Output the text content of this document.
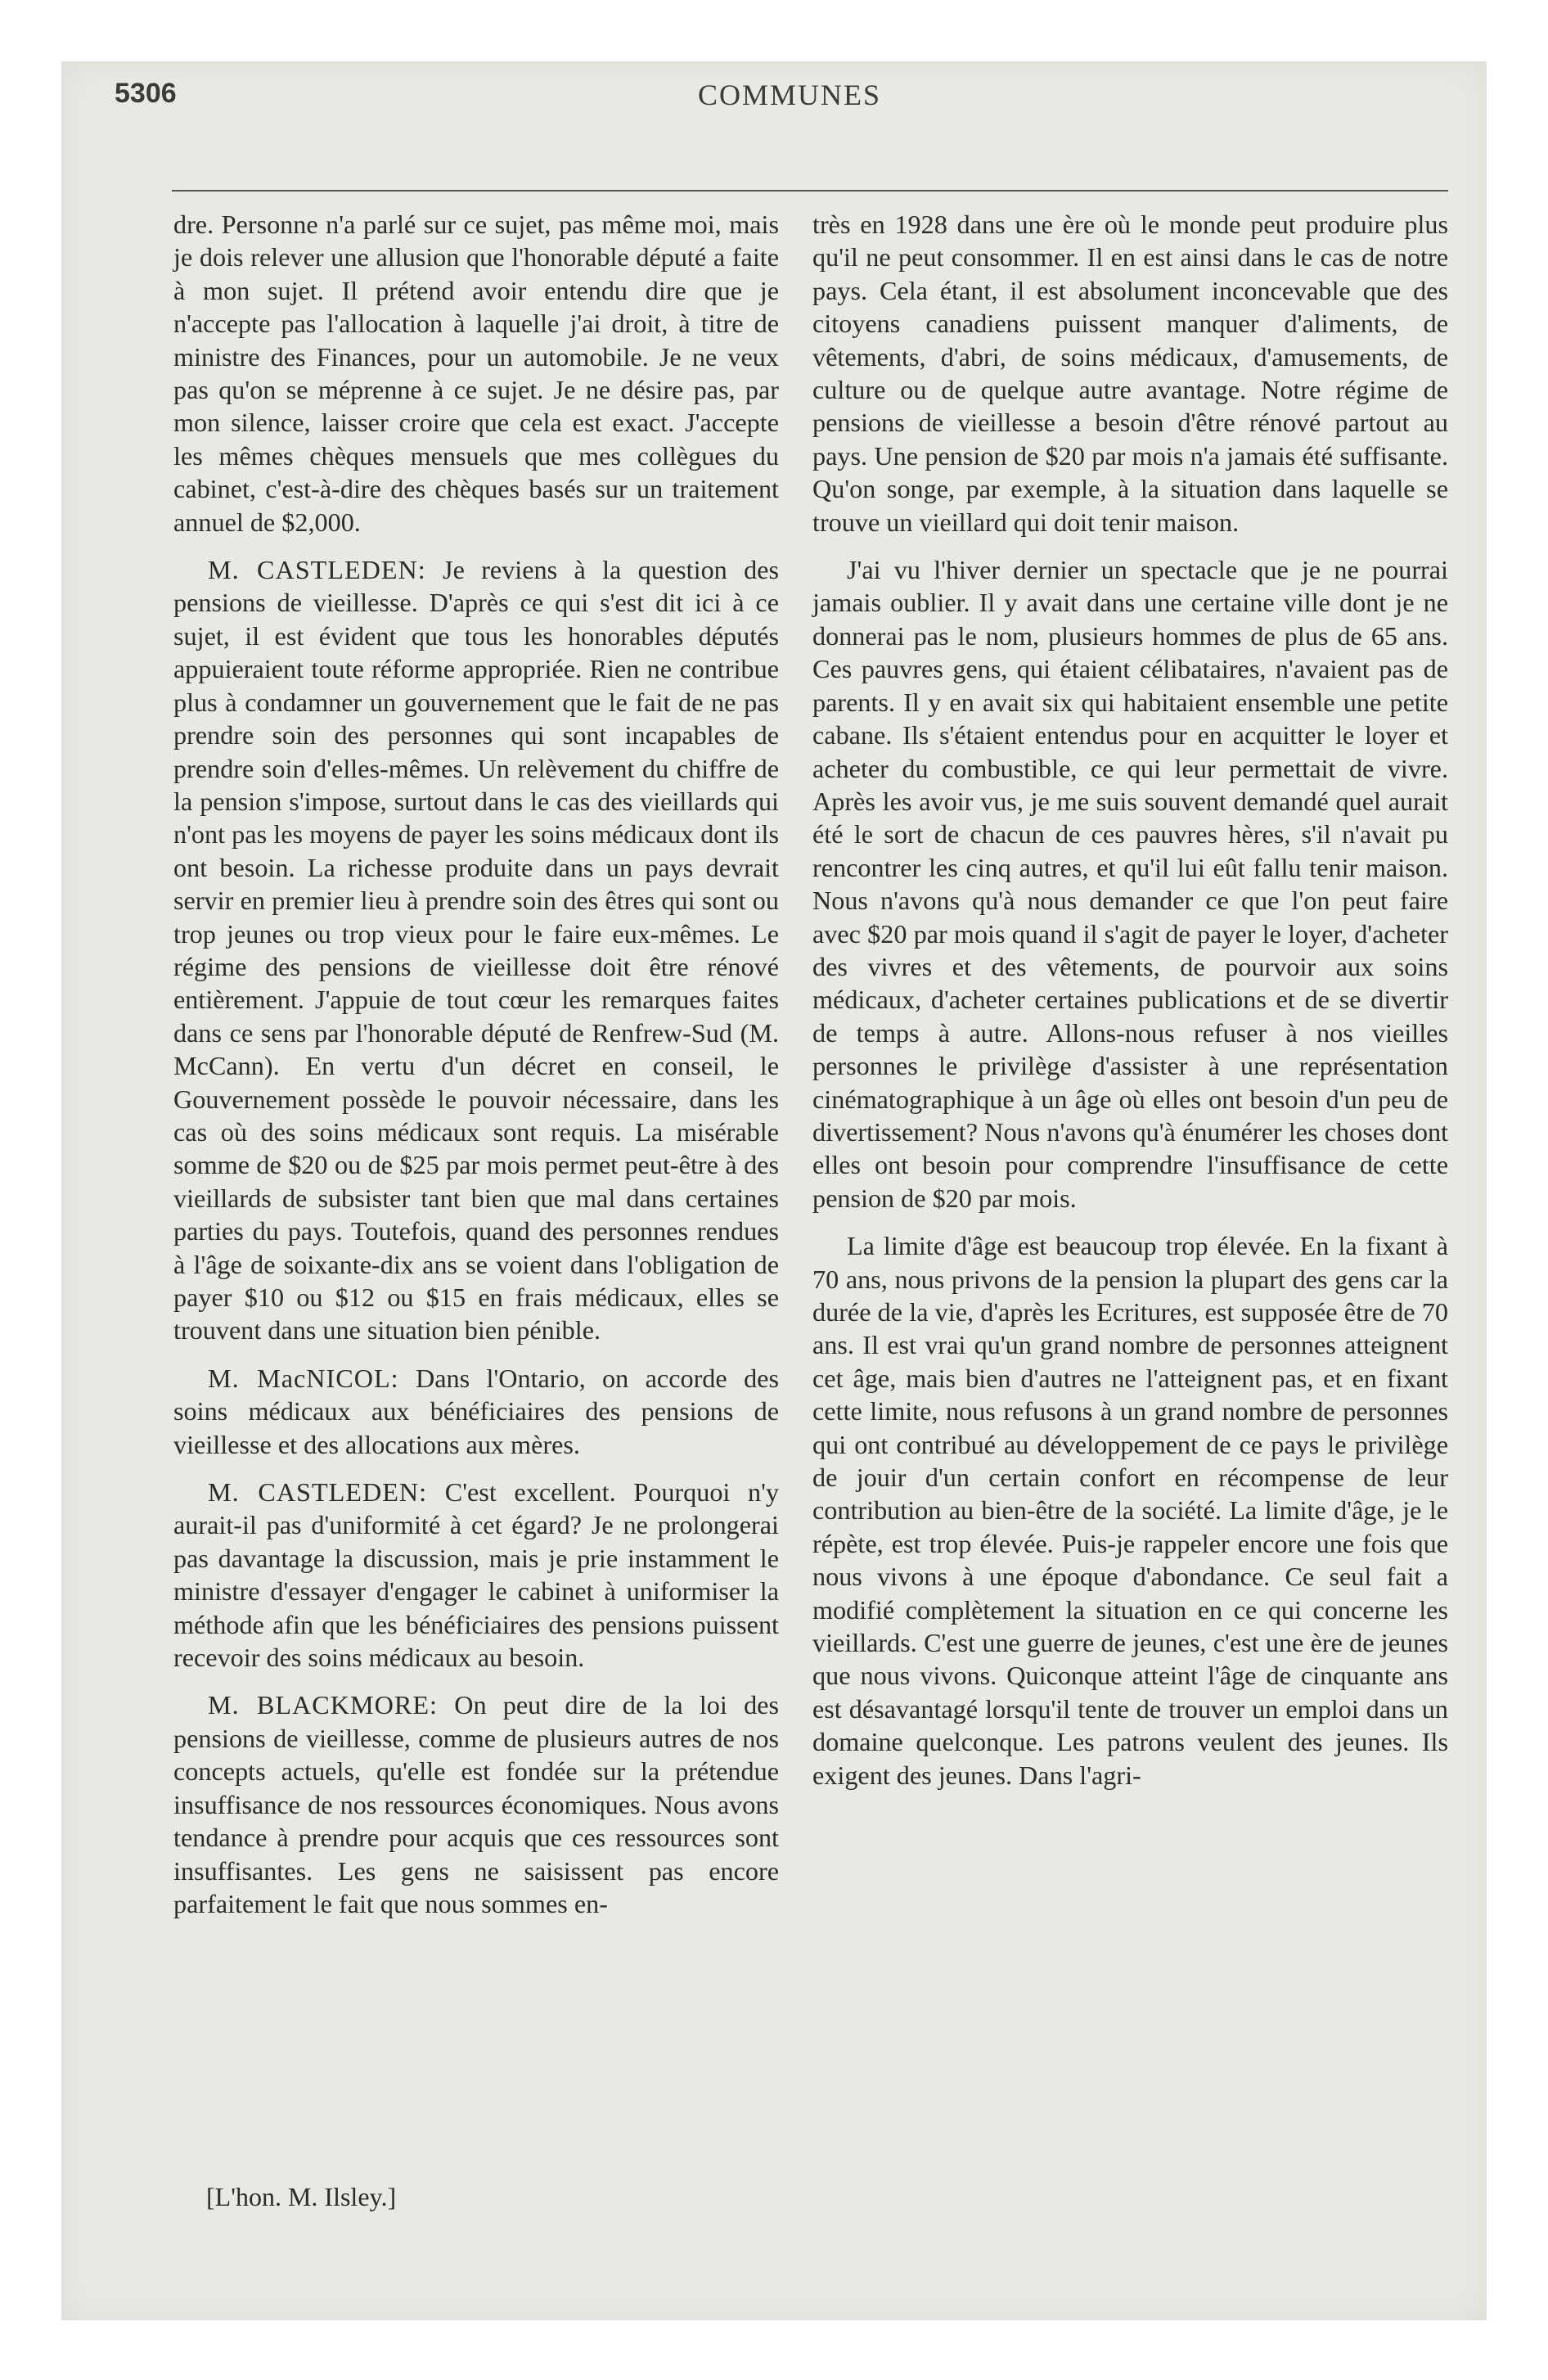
5306	COMMUNES

dre. Personne n'a parlé sur ce sujet, pas même moi, mais je dois relever une allusion que l'honorable député a faite à mon sujet. Il prétend avoir entendu dire que je n'accepte pas l'allocation à laquelle j'ai droit, à titre de ministre des Finances, pour un automobile. Je ne veux pas qu'on se méprenne à ce sujet. Je ne désire pas, par mon silence, laisser croire que cela est exact. J'accepte les mêmes chèques mensuels que mes collègues du cabinet, c'est-à-dire des chèques basés sur un traitement annuel de $2,000.

M. CASTLEDEN: Je reviens à la question des pensions de vieillesse. D'après ce qui s'est dit ici à ce sujet, il est évident que tous les honorables députés appuieraient toute réforme appropriée. Rien ne contribue plus à condamner un gouvernement que le fait de ne pas prendre soin des personnes qui sont incapables de prendre soin d'elles-mêmes. Un relèvement du chiffre de la pension s'impose, surtout dans le cas des vieillards qui n'ont pas les moyens de payer les soins médicaux dont ils ont besoin. La richesse produite dans un pays devrait servir en premier lieu à prendre soin des êtres qui sont ou trop jeunes ou trop vieux pour le faire eux-mêmes. Le régime des pensions de vieillesse doit être rénové entièrement. J'appuie de tout cœur les remarques faites dans ce sens par l'honorable député de Renfrew-Sud (M. McCann). En vertu d'un décret en conseil, le Gouvernement possède le pouvoir nécessaire, dans les cas où des soins médicaux sont requis. La misérable somme de $20 ou de $25 par mois permet peut-être à des vieillards de subsister tant bien que mal dans certaines parties du pays. Toutefois, quand des personnes rendues à l'âge de soixante-dix ans se voient dans l'obligation de payer $10 ou $12 ou $15 en frais médicaux, elles se trouvent dans une situation bien pénible.

M. MacNICOL: Dans l'Ontario, on accorde des soins médicaux aux bénéficiaires des pensions de vieillesse et des allocations aux mères.

M. CASTLEDEN: C'est excellent. Pourquoi n'y aurait-il pas d'uniformité à cet égard? Je ne prolongerai pas davantage la discussion, mais je prie instamment le ministre d'essayer d'engager le cabinet à uniformiser la méthode afin que les bénéficiaires des pensions puissent recevoir des soins médicaux au besoin.

M. BLACKMORE: On peut dire de la loi des pensions de vieillesse, comme de plusieurs autres de nos concepts actuels, qu'elle est fondée sur la prétendue insuffisance de nos ressources économiques. Nous avons tendance à prendre pour acquis que ces ressources sont insuffisantes. Les gens ne saisissent pas encore parfaitement le fait que nous sommes en-

très en 1928 dans une ère où le monde peut produire plus qu'il ne peut consommer. Il en est ainsi dans le cas de notre pays. Cela étant, il est absolument inconcevable que des citoyens canadiens puissent manquer d'aliments, de vêtements, d'abri, de soins médicaux, d'amusements, de culture ou de quelque autre avantage. Notre régime de pensions de vieillesse a besoin d'être rénové partout au pays. Une pension de $20 par mois n'a jamais été suffisante. Qu'on songe, par exemple, à la situation dans laquelle se trouve un vieillard qui doit tenir maison.

J'ai vu l'hiver dernier un spectacle que je ne pourrai jamais oublier. Il y avait dans une certaine ville dont je ne donnerai pas le nom, plusieurs hommes de plus de 65 ans. Ces pauvres gens, qui étaient célibataires, n'avaient pas de parents. Il y en avait six qui habitaient ensemble une petite cabane. Ils s'étaient entendus pour en acquitter le loyer et acheter du combustible, ce qui leur permettait de vivre. Après les avoir vus, je me suis souvent demandé quel aurait été le sort de chacun de ces pauvres hères, s'il n'avait pu rencontrer les cinq autres, et qu'il lui eût fallu tenir maison. Nous n'avons qu'à nous demander ce que l'on peut faire avec $20 par mois quand il s'agit de payer le loyer, d'acheter des vivres et des vêtements, de pourvoir aux soins médicaux, d'acheter certaines publications et de se divertir de temps à autre. Allons-nous refuser à nos vieilles personnes le privilège d'assister à une représentation cinématographique à un âge où elles ont besoin d'un peu de divertissement? Nous n'avons qu'à énumérer les choses dont elles ont besoin pour comprendre l'insuffisance de cette pension de $20 par mois.

La limite d'âge est beaucoup trop élevée. En la fixant à 70 ans, nous privons de la pension la plupart des gens car la durée de la vie, d'après les Ecritures, est supposée être de 70 ans. Il est vrai qu'un grand nombre de personnes atteignent cet âge, mais bien d'autres ne l'atteignent pas, et en fixant cette limite, nous refusons à un grand nombre de personnes qui ont contribué au développement de ce pays le privilège de jouir d'un certain confort en récompense de leur contribution au bien-être de la société. La limite d'âge, je le répète, est trop élevée. Puis-je rappeler encore une fois que nous vivons à une époque d'abondance. Ce seul fait a modifié complètement la situation en ce qui concerne les vieillards. C'est une guerre de jeunes, c'est une ère de jeunes que nous vivons. Quiconque atteint l'âge de cinquante ans est désavantagé lorsqu'il tente de trouver un emploi dans un domaine quelconque. Les patrons veulent des jeunes. Ils exigent des jeunes. Dans l'agri-

[L'hon. M. Ilsley.]
